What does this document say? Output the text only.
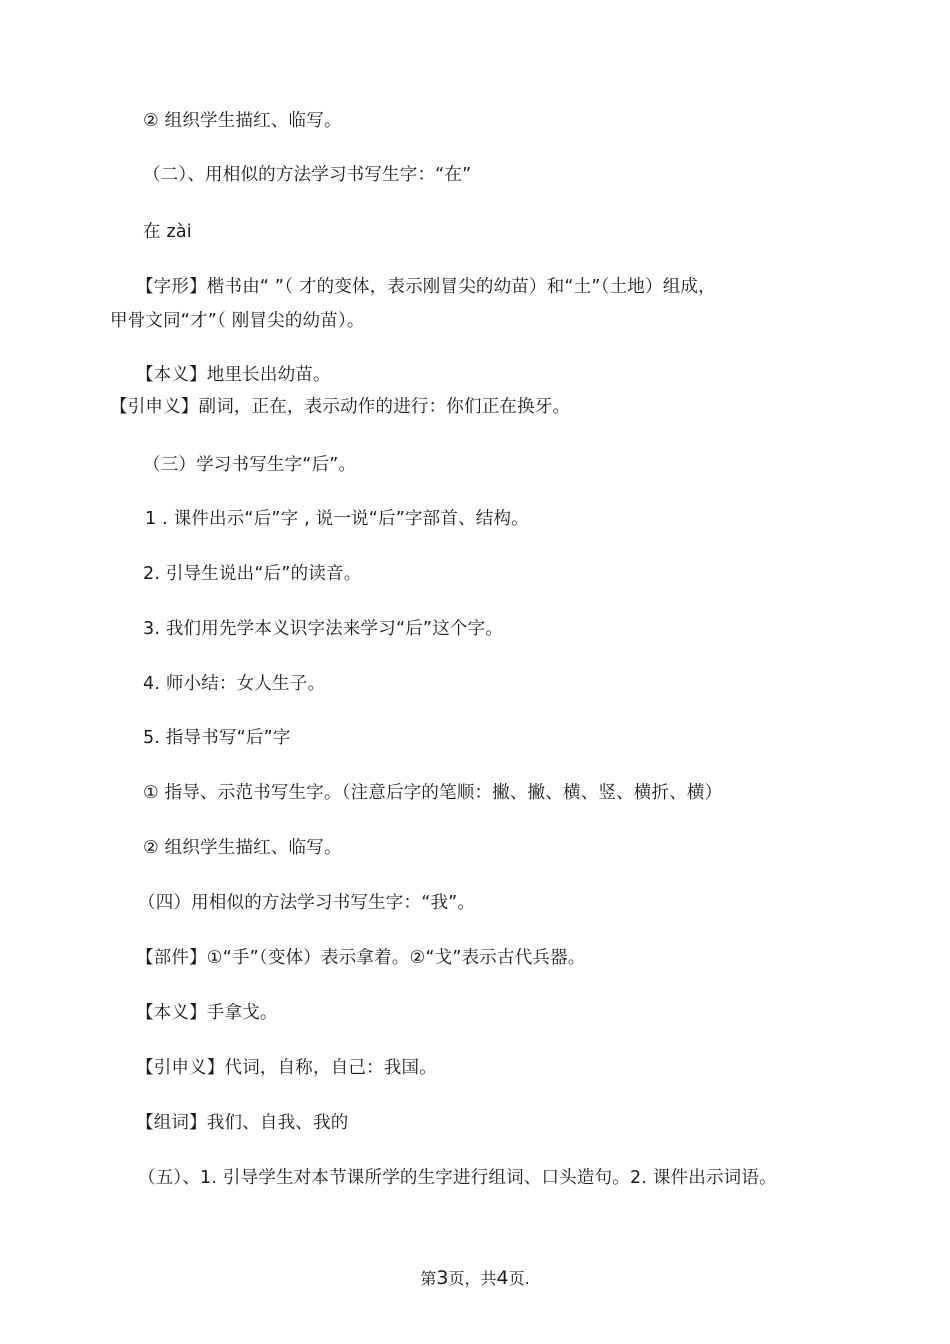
② 组织学生描红、临写。
（二）、用相似的方法学习书写生字：“在”
在 zài
【字形】楷书由“ ”（ 才的变体，表示刚冒尖的幼苗）和“土”（土地）组成，
甲骨文同“才”（ 刚冒尖的幼苗）。
【本义】地里长出幼苗。
【引申义】副词，正在，表示动作的进行：你们正在换牙。
（三）学习书写生字“后”。
1 . 课件出示“后”字 , 说一说“后”字部首、结构。
2. 引导生说出“后”的读音。
3. 我们用先学本义识字法来学习“后”这个字。
4. 师小结：女人生子。
5. 指导书写“后”字
① 指导、示范书写生字。（注意后字的笔顺：撇、撇、横、竖、横折、横）
② 组织学生描红、临写。
（四）用相似的方法学习书写生字：“我”。
【部件】①“手”（变体）表示拿着。②“戈”表示古代兵器。
【本义】手拿戈。
【引申义】代词，自称，自己：我国。
【组词】我们、自我、我的
（五）、1. 引导学生对本节课所学的生字进行组词、口头造句。2. 课件出示词语。
第3页，共4页.
